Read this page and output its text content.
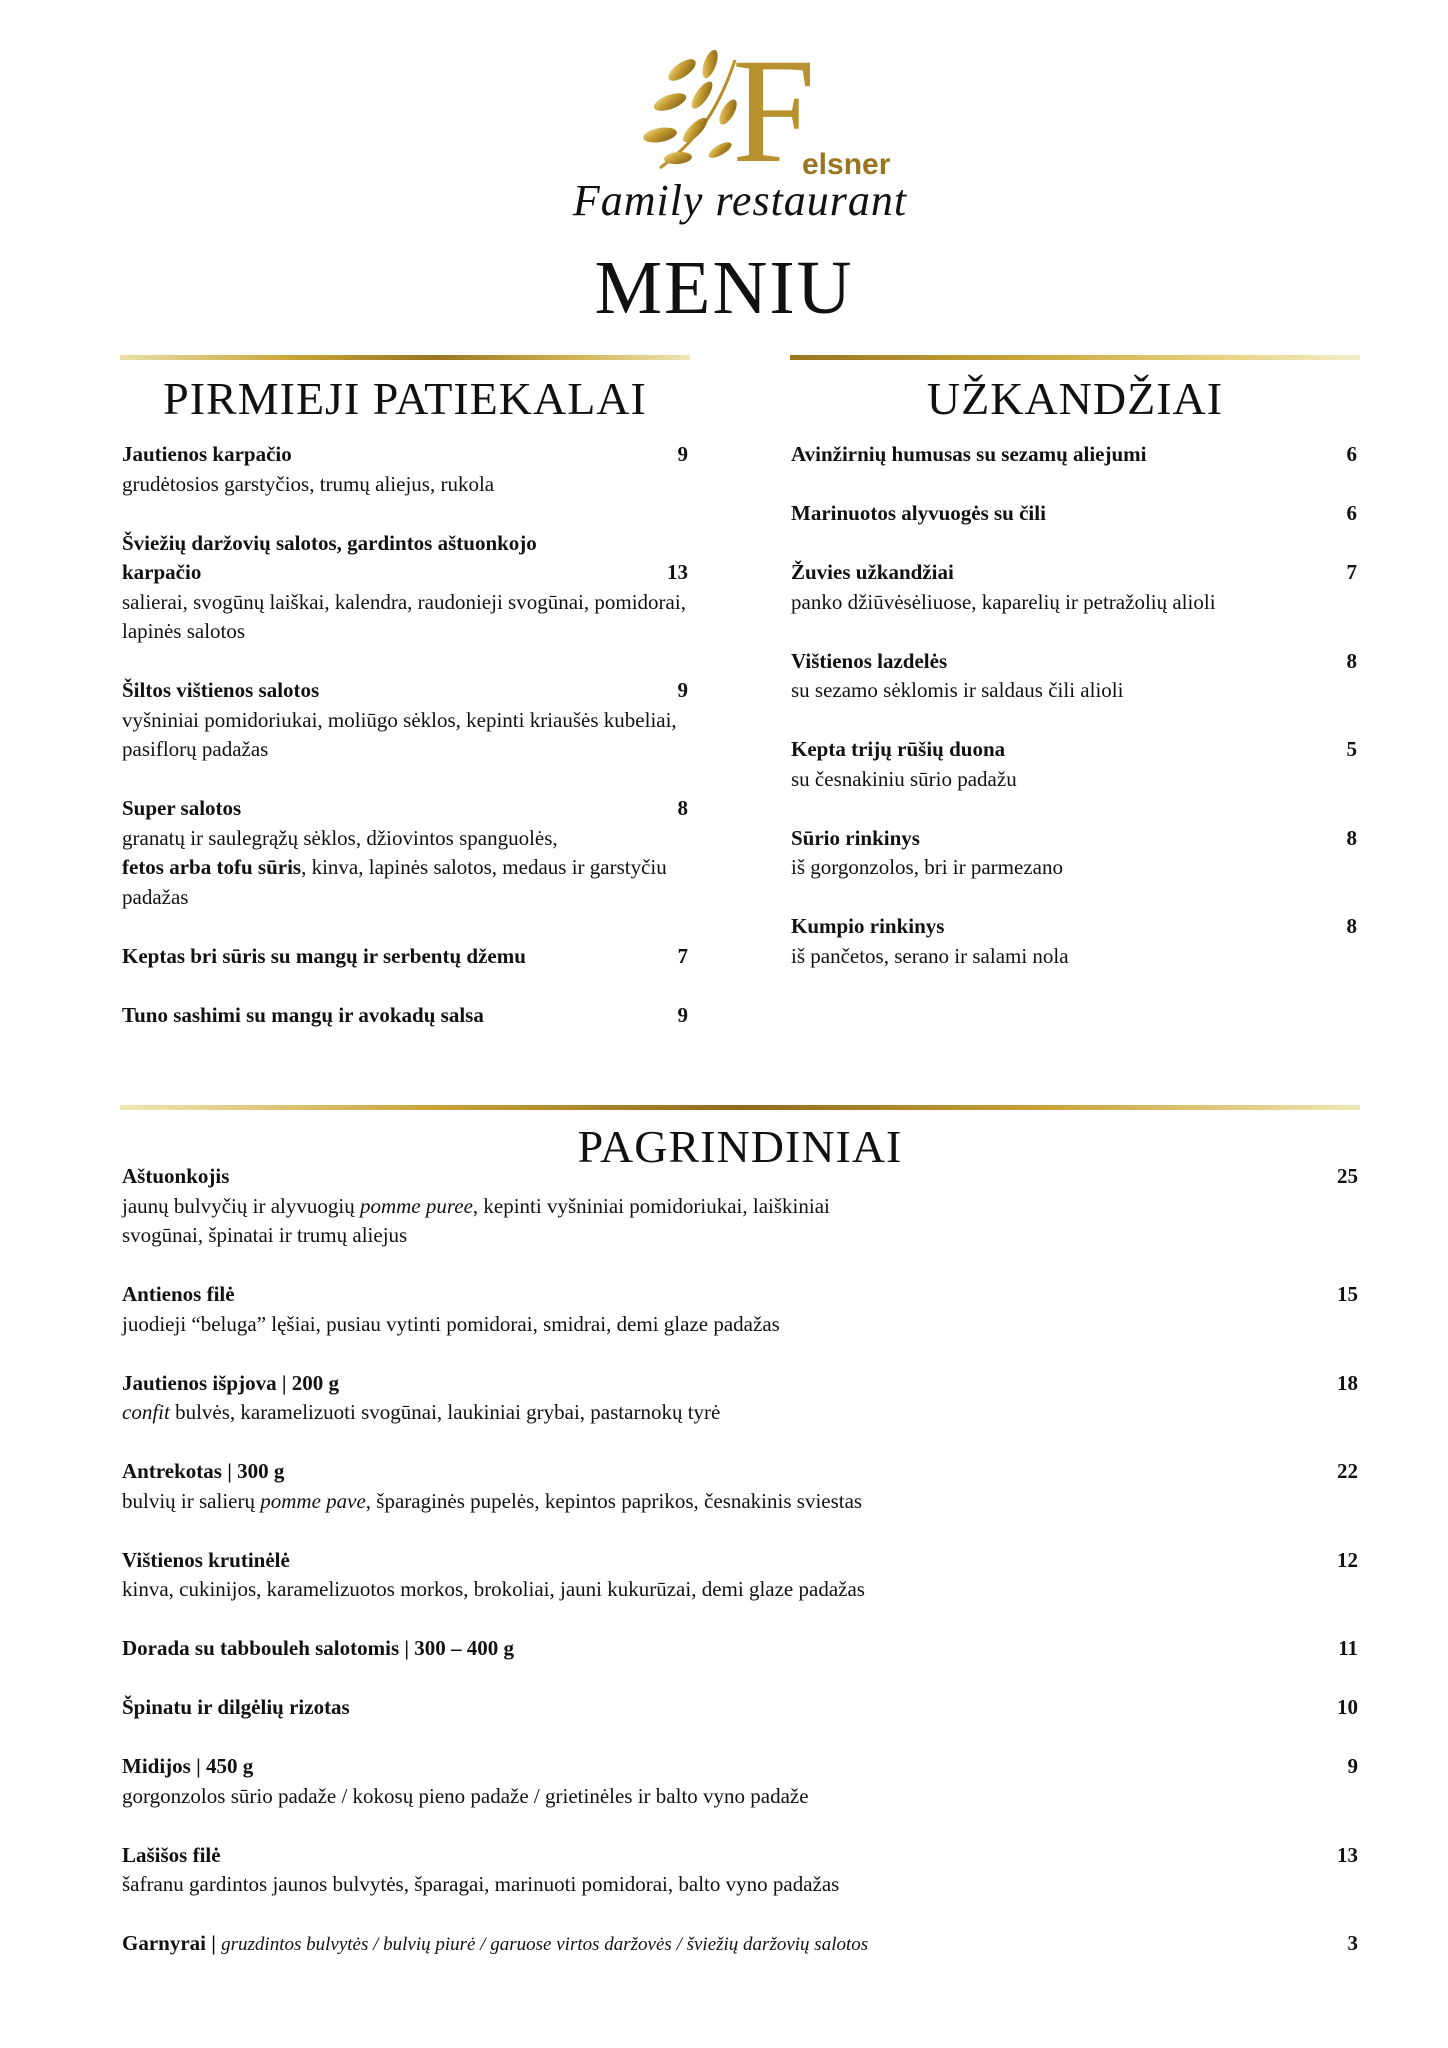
F
elsner
Family restaurant
MENIU
PIRMIEJI PATIEKALAI	UŽKANDŽIAI
9
Jautienos karpačio
grudėtosios garstyčios, trumų aliejus, rukola
13
Šviežių daržovių salotos, gardintos aštuonkojo karpačio
salierai, svogūnų laiškai, kalendra, raudonieji svogūnai, pomidorai, lapinės salotos
9
Šiltos vištienos salotos
vyšniniai pomidoriukai, moliūgo sėklos, kepinti kriaušės kubeliai, pasiflorų padažas
8
Super salotos
granatų ir saulegrąžų sėklos, džiovintos spanguolės,
fetos arba tofu sūris, kinva, lapinės salotos, medaus ir garstyčiu padažas
7
Keptas bri sūris su mangų ir serbentų džemu
9
Tuno sashimi su mangų ir avokadų salsa
6
Avinžirnių humusas su sezamų aliejumi
6
Marinuotos alyvuogės su čili
7
Žuvies užkandžiai
panko džiūvėsėliuose, kaparelių ir petražolių alioli
8
Vištienos lazdelės
su sezamo sėklomis ir saldaus čili alioli
5
Kepta trijų rūšių duona
su česnakiniu sūrio padažu
8
Sūrio rinkinys
iš gorgonzolos, bri ir parmezano
8
Kumpio rinkinys
iš pančetos, serano ir salami nola
PAGRINDINIAI
25
Aštuonkojis
jaunų bulvyčių ir alyvuogių pomme puree, kepinti vyšniniai pomidoriukai, laiškiniai svogūnai, špinatai ir trumų aliejus
15
Antienos filė
juodieji “beluga” lęšiai, pusiau vytinti pomidorai, smidrai, demi glaze padažas
18
Jautienos išpjova | 200 g
confit bulvės, karamelizuoti svogūnai, laukiniai grybai, pastarnokų tyrė
22
Antrekotas | 300 g
bulvių ir salierų pomme pave, šparaginės pupelės, kepintos paprikos, česnakinis sviestas
12
Vištienos krutinėlė
kinva, cukinijos, karamelizuotos morkos, brokoliai, jauni kukurūzai, demi glaze padažas
11
Dorada su tabbouleh salotomis | 300 – 400 g
10
Špinatu ir dilgėlių rizotas
9
Midijos | 450 g
gorgonzolos sūrio padaže / kokosų pieno padaže / grietinėles ir balto vyno padaže
13
Lašišos filė
šafranu gardintos jaunos bulvytės, šparagai, marinuoti pomidorai, balto vyno padažas
Garnyrai | gruzdintos bulvytės / bulvių piurė / garuose virtos daržovės / šviežių daržovių salotos	3
